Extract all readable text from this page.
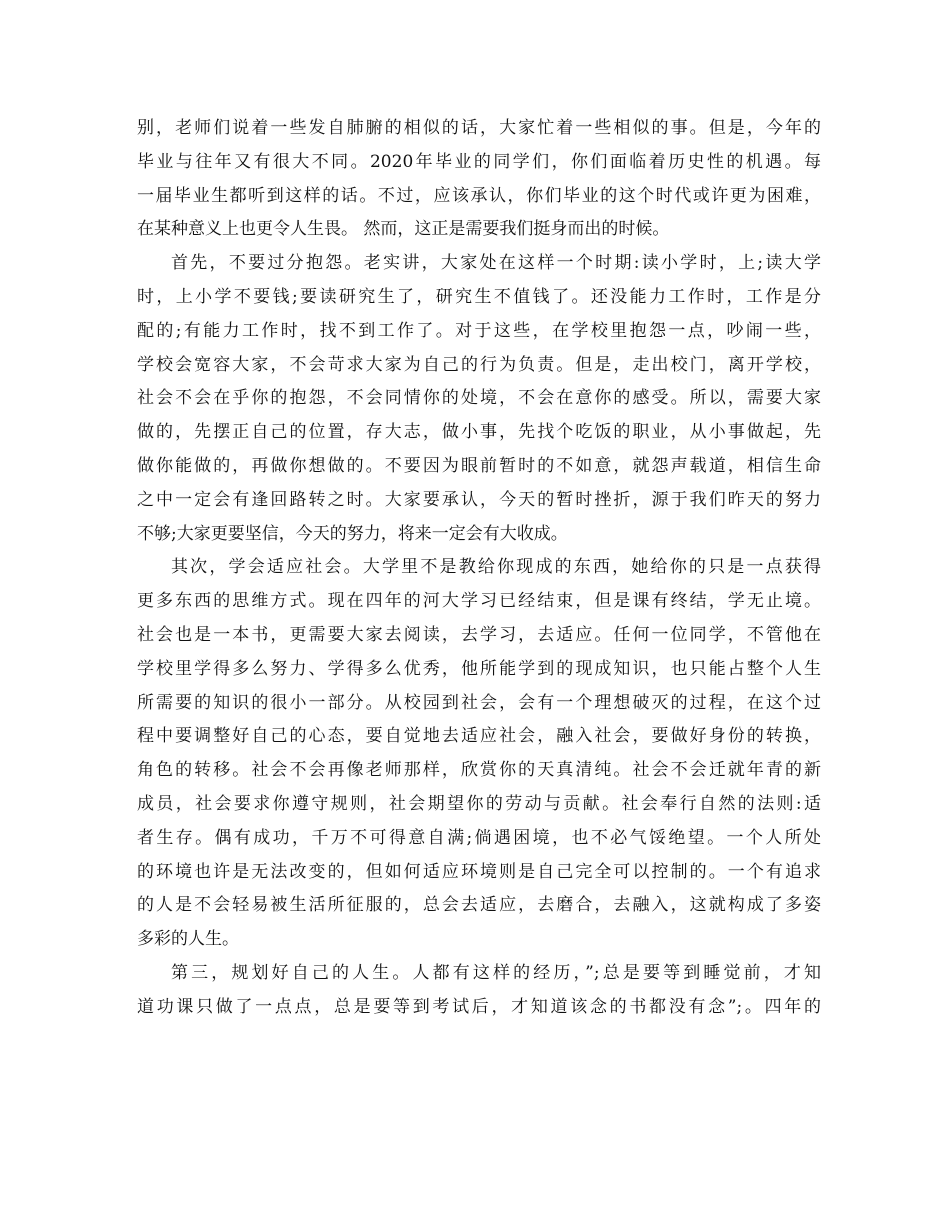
别，老师们说着一些发自肺腑的相似的话，大家忙着一些相似的事。但是，今年的
毕业与往年又有很大不同。2020年毕业的同学们，你们面临着历史性的机遇。每
一届毕业生都听到这样的话。不过，应该承认，你们毕业的这个时代或许更为困难，
在某种意义上也更令人生畏。 然而，这正是需要我们挺身而出的时候。
首先，不要过分抱怨。老实讲，大家处在这样一个时期:读小学时，上;读大学
时，上小学不要钱;要读研究生了，研究生不值钱了。还没能力工作时，工作是分
配的;有能力工作时，找不到工作了。对于这些，在学校里抱怨一点，吵闹一些，
学校会宽容大家，不会苛求大家为自己的行为负责。但是，走出校门，离开学校，
社会不会在乎你的抱怨，不会同情你的处境，不会在意你的感受。所以，需要大家
做的，先摆正自己的位置，存大志，做小事，先找个吃饭的职业，从小事做起，先
做你能做的，再做你想做的。不要因为眼前暂时的不如意，就怨声载道，相信生命
之中一定会有逢回路转之时。大家要承认，今天的暂时挫折，源于我们昨天的努力
不够;大家更要坚信，今天的努力，将来一定会有大收成。
其次，学会适应社会。大学里不是教给你现成的东西，她给你的只是一点获得
更多东西的思维方式。现在四年的河大学习已经结束，但是课有终结，学无止境。
社会也是一本书，更需要大家去阅读，去学习，去适应。任何一位同学，不管他在
学校里学得多么努力、学得多么优秀，他所能学到的现成知识，也只能占整个人生
所需要的知识的很小一部分。从校园到社会，会有一个理想破灭的过程，在这个过
程中要调整好自己的心态，要自觉地去适应社会，融入社会，要做好身份的转换，
角色的转移。社会不会再像老师那样，欣赏你的天真清纯。社会不会迁就年青的新
成员，社会要求你遵守规则，社会期望你的劳动与贡献。社会奉行自然的法则:适
者生存。偶有成功，千万不可得意自满;倘遇困境，也不必气馁绝望。一个人所处
的环境也许是无法改变的，但如何适应环境则是自己完全可以控制的。一个有追求
的人是不会轻易被生活所征服的，总会去适应，去磨合，去融入，这就构成了多姿
多彩的人生。
第三，规划好自己的人生。人都有这样的经历，”;总是要等到睡觉前，才知
道功课只做了一点点，总是要等到考试后，才知道该念的书都没有念”;。四年的
